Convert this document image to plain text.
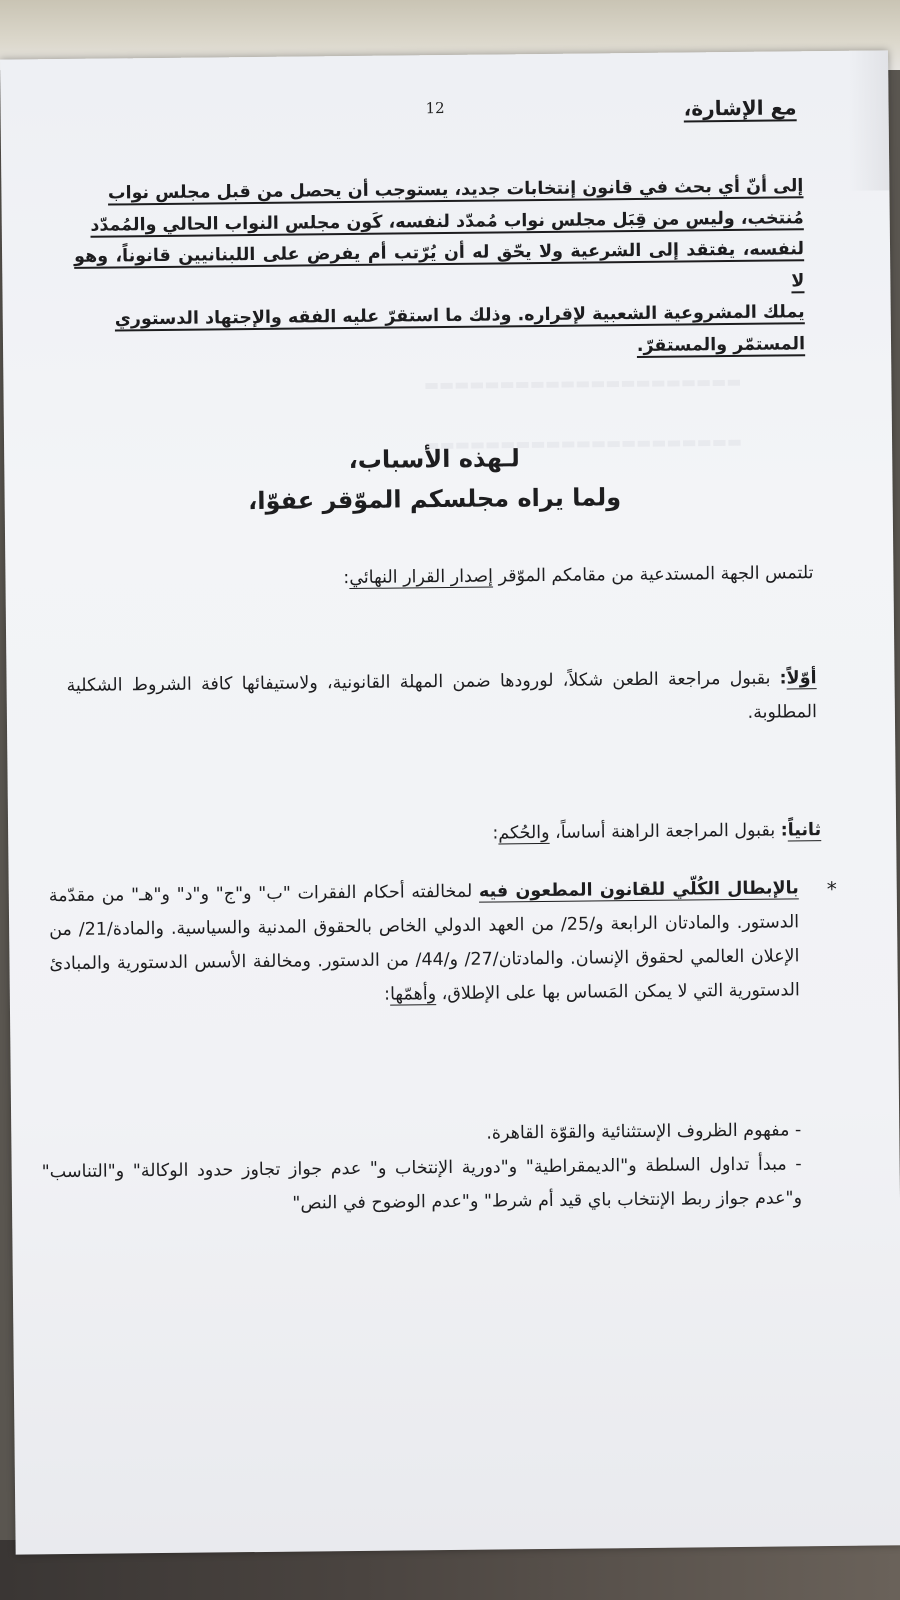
▬▬▬▬▬▬▬▬▬▬▬▬▬▬▬▬▬▬▬▬▬
▬▬▬▬▬▬▬▬▬▬▬▬▬▬▬▬▬▬▬▬▬
12	مع الإشارة،
إلى أنّ أي بحث في قانون إنتخابات جديد، يستوجب أن يحصل من قبل مجلس نواب
مُنتخب، وليس من قِبَل مجلس نواب مُمدّد لنفسه، كَون مجلس النواب الحالي والمُمدّد
لنفسه، يفتقد إلى الشرعية ولا يحّق له أن يُرّتب أم يفرض على اللبنانيين قانوناً، وهو لا
يملك المشروعية الشعبية لإقراره. وذلك ما استقرّ عليه الفقه والإجتهاد الدستوري
المستمّر والمستقرّ.
لـهذه الأسباب،
ولما يراه مجلسكم الموّقر عفوّا،
تلتمس الجهة المستدعية من مقامكم الموّقر إصدار القرار النهائي:
أوّلاً: بقبول مراجعة الطعن شكلاً، لورودها ضمن المهلة القانونية، ولاستيفائها كافة الشروط الشكلية المطلوبة.
ثانياً: بقبول المراجعة الراهنة أساساً، والحُكم:
*
بالإبطال الكُلّي للقانون المطعون فيه لمخالفته أحكام الفقرات "ب" و"ج" و"د" و"هـ" من مقدّمة الدستور. والمادتان الرابعة و/25/ من العهد الدولي الخاص بالحقوق المدنية والسياسية. والمادة/21/ من الإعلان العالمي لحقوق الإنسان. والمادتان/27/ و/44/ من الدستور. ومخالفة الأسس الدستورية والمبادئ الدستورية التي لا يمكن المَساس بها على الإطلاق، وأهمّها:
- مفهوم الظروف الإستثنائية والقوّة القاهرة.
- مبدأ تداول السلطة و"الديمقراطية" و"دورية الإنتخاب و" عدم جواز تجاوز حدود الوكالة" و"التناسب" و"عدم جواز ربط الإنتخاب باي قيد أم شرط" و"عدم الوضوح في النص"
